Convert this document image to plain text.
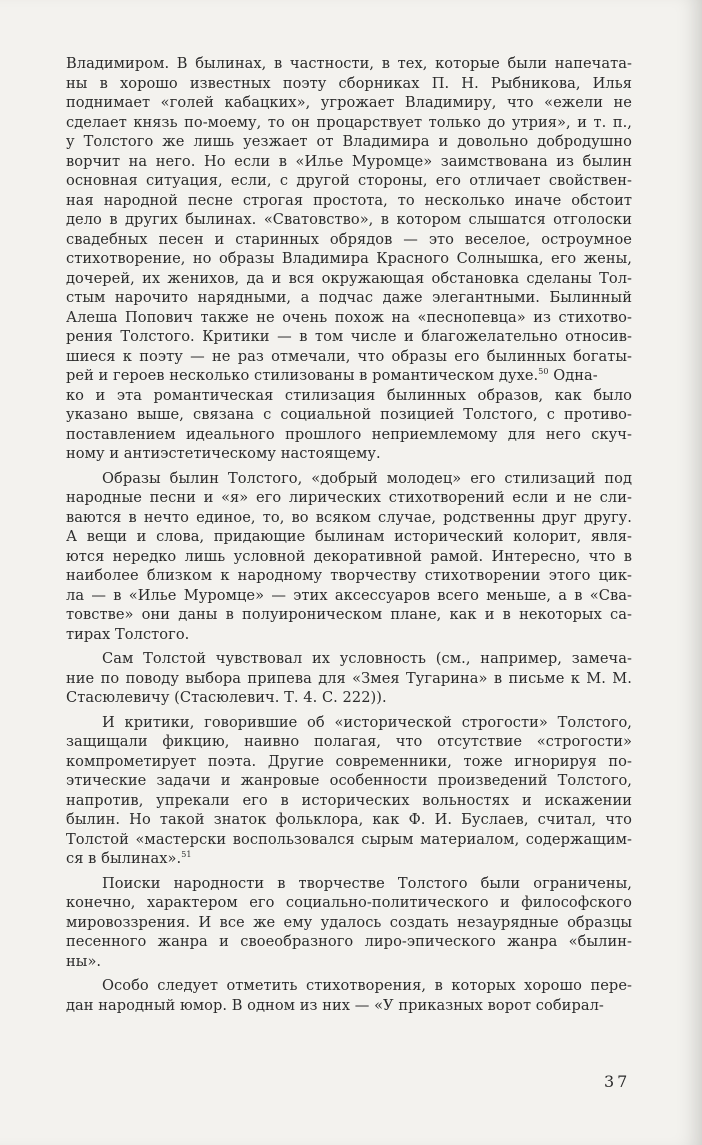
Владимиром. В былинах, в частности, в тех, которые были напечата-
ны в хорошо известных поэту сборниках П. Н. Рыбникова, Илья
поднимает «голей кабацких», угрожает Владимиру, что «ежели не
сделает князь по-моему, то он процарствует только до утрия», и т. п.,
у Толстого же лишь уезжает от Владимира и довольно добродушно
ворчит на него. Но если в «Илье Муромце» заимствована из былин
основная ситуация, если, с другой стороны, его отличает свойствен-
ная народной песне строгая простота, то несколько иначе обстоит
дело в других былинах. «Сватовство», в котором слышатся отголоски
свадебных песен и старинных обрядов — это веселое, остроумное
стихотворение, но образы Владимира Красного Солнышка, его жены,
дочерей, их женихов, да и вся окружающая обстановка сделаны Тол-
стым нарочито нарядными, а подчас даже элегантными. Былинный
Алеша Попович также не очень похож на «песнопевца» из стихотво-
рения Толстого. Критики — в том числе и благожелательно относив-
шиеся к поэту — не раз отмечали, что образы его былинных богаты-
рей и героев несколько стилизованы в романтическом духе.$^{50}$ Одна-
ко и эта романтическая стилизация былинных образов, как было
указано выше, связана с социальной позицией Толстого, с противо-
поставлением идеального прошлого неприемлемому для него скуч-
ному и антиэстетическому настоящему.
Образы былин Толстого, «добрый молодец» его стилизаций под
народные песни и «я» его лирических стихотворений если и не сли-
ваются в нечто единое, то, во всяком случае, родственны друг другу.
А вещи и слова, придающие былинам исторический колорит, явля-
ются нередко лишь условной декоративной рамой. Интересно, что в
наиболее близком к народному творчеству стихотворении этого цик-
ла — в «Илье Муромце» — этих аксессуаров всего меньше, а в «Сва-
товстве» они даны в полуироническом плане, как и в некоторых са-
тирах Толстого.
Сам Толстой чувствовал их условность (см., например, замеча-
ние по поводу выбора припева для «Змея Тугарина» в письме к М. М.
Стасюлевичу (Стасюлевич. Т. 4. С. 222)).
И критики, говорившие об «исторической строгости» Толстого,
защищали фикцию, наивно полагая, что отсутствие «строгости»
компрометирует поэта. Другие современники, тоже игнорируя по-
этические задачи и жанровые особенности произведений Толстого,
напротив, упрекали его в исторических вольностях и искажении
былин. Но такой знаток фольклора, как Ф. И. Буслаев, считал, что
Толстой «мастерски воспользовался сырым материалом, содержащим-
ся в былинах».$^{51}$
Поиски народности в творчестве Толстого были ограничены,
конечно, характером его социально-политического и философского
мировоззрения. И все же ему удалось создать незаурядные образцы
песенного жанра и своеобразного лиро-эпического жанра «былин-
ны».
Особо следует отметить стихотворения, в которых хорошо пере-
дан народный юмор. В одном из них — «У приказных ворот собирал-
37
